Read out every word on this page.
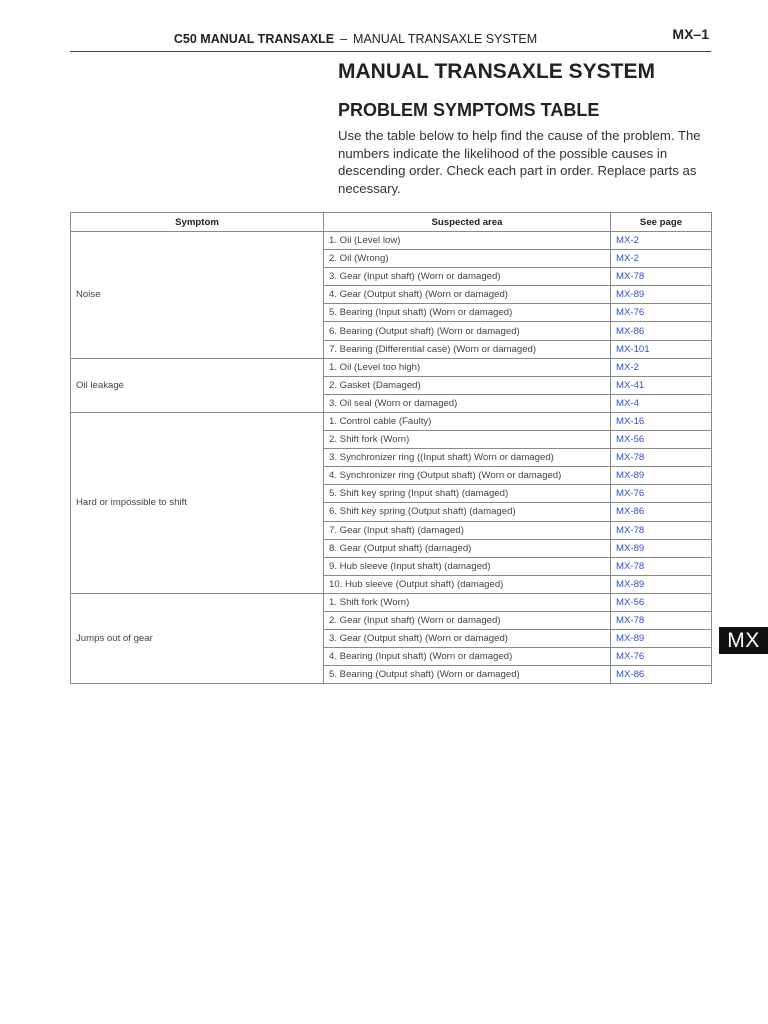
C50 MANUAL TRANSAXLE – MANUAL TRANSAXLE SYSTEM	MX–1
MANUAL TRANSAXLE SYSTEM
PROBLEM SYMPTOMS TABLE

Use the table below to help find the cause of the problem. The numbers indicate the likelihood of the possible causes in descending order. Check each part in order. Replace parts as necessary.

Symptom	Suspected area	See page
Noise	1. Oil (Level low)	MX-2
	2. Oil (Wrong)	MX-2
	3. Gear (Input shaft) (Worn or damaged)	MX-78
	4. Gear (Output shaft) (Worn or damaged)	MX-89
	5. Bearing (Input shaft) (Worn or damaged)	MX-76
	6. Bearing (Output shaft) (Worn or damaged)	MX-86
	7. Bearing (Differential case) (Worn or damaged)	MX-101
Oil leakage	1. Oil (Level too high)	MX-2
	2. Gasket (Damaged)	MX-41
	3. Oil seal (Worn or damaged)	MX-4
Hard or impossible to shift	1. Control cable (Faulty)	MX-16
	2. Shift fork (Worn)	MX-56
	3. Synchronizer ring ((Input shaft) Worn or damaged)	MX-78
	4. Synchronizer ring (Output shaft) (Worn or damaged)	MX-89
	5. Shift key spring (Input shaft) (damaged)	MX-76
	6. Shift key spring (Output shaft) (damaged)	MX-86
	7. Gear (Input shaft) (damaged)	MX-78
	8. Gear (Output shaft) (damaged)	MX-89
	9. Hub sleeve (Input shaft) (damaged)	MX-78
	10. Hub sleeve (Output shaft) (damaged)	MX-89
Jumps out of gear	1. Shift fork (Worn)	MX-56
	2. Gear (Input shaft) (Worn or damaged)	MX-78
	3. Gear (Output shaft) (Worn or damaged)	MX-89
	4. Bearing (Input shaft) (Worn or damaged)	MX-76
	5. Bearing (Output shaft) (Worn or damaged)	MX-86
MX
